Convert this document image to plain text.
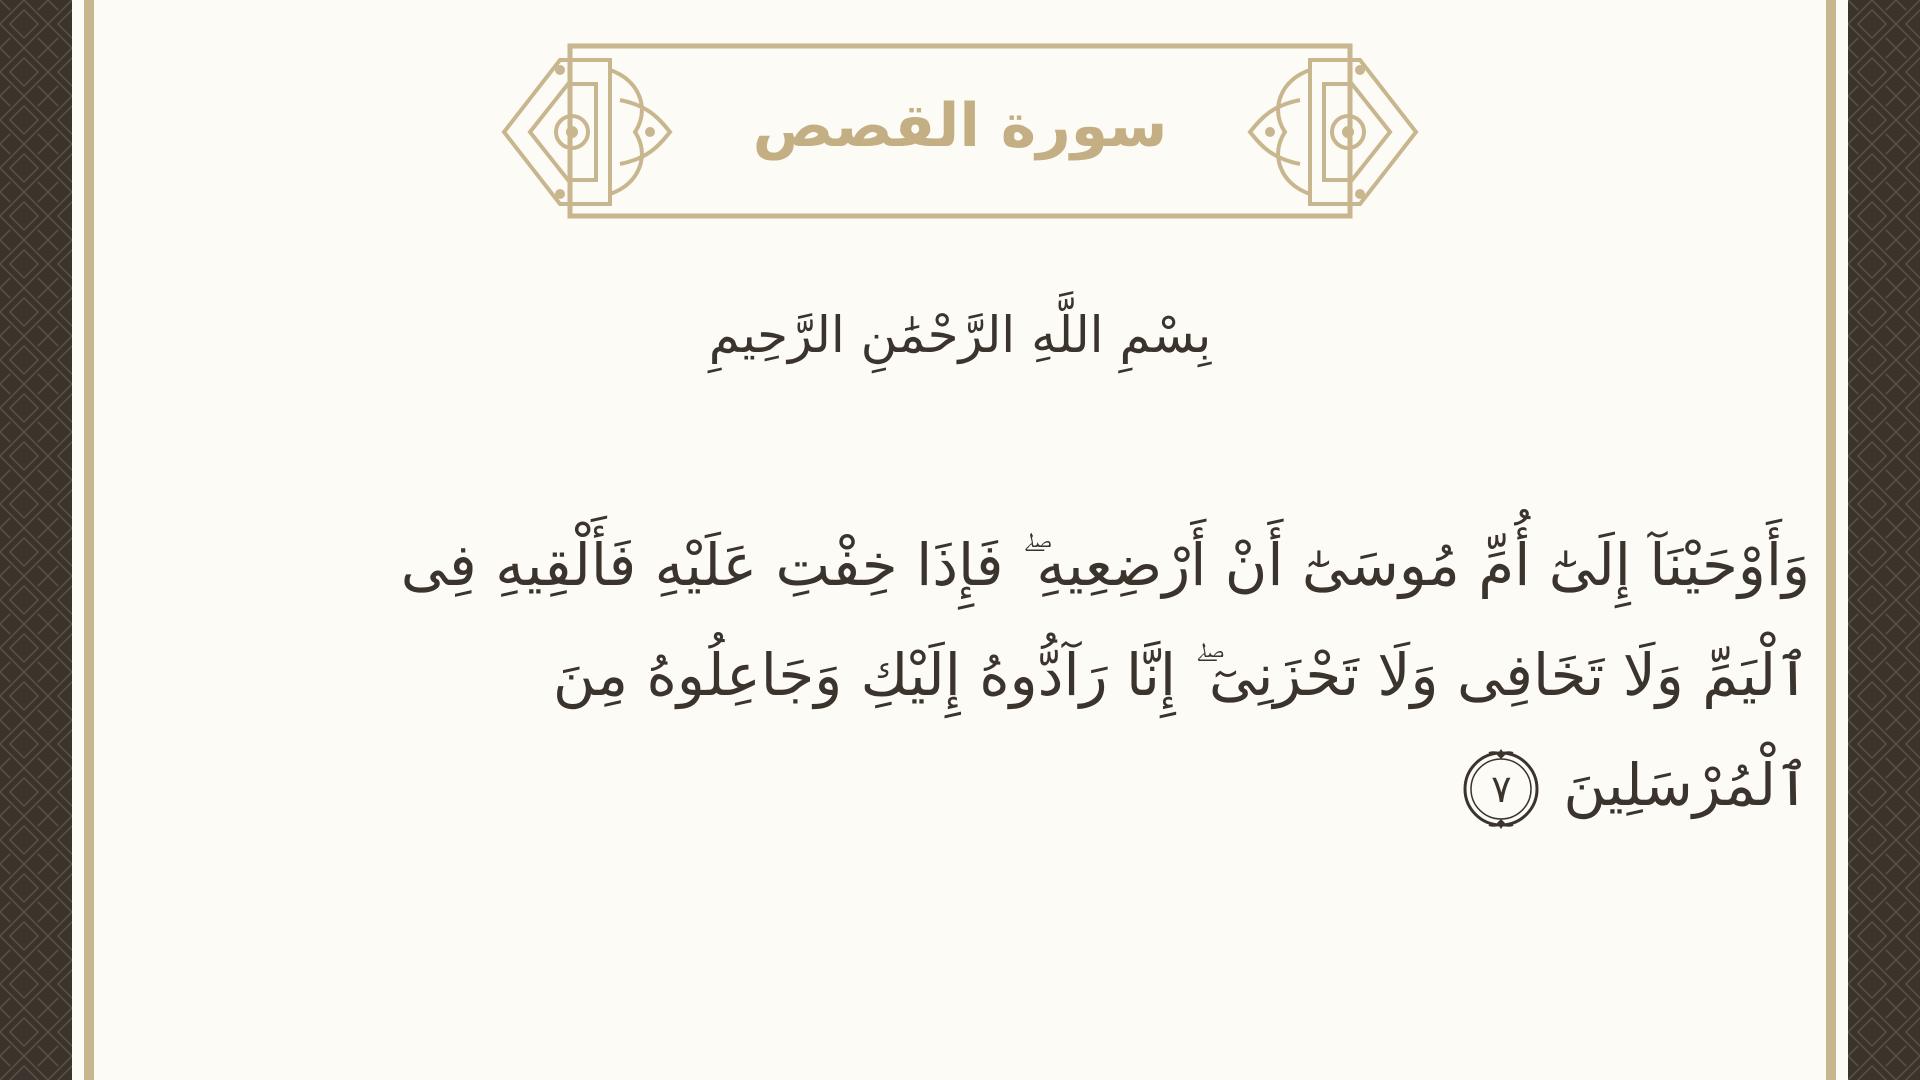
سورة القصص

بِسْمِ اللَّهِ الرَّحْمَٰنِ الرَّحِيمِ

وَأَوْحَيْنَآ إِلَىٰٓ أُمِّ مُوسَىٰٓ أَنْ أَرْضِعِيهِ ۖ فَإِذَا خِفْتِ عَلَيْهِ فَأَلْقِيهِ فِى ٱلْيَمِّ وَلَا تَخَافِى وَلَا تَحْزَنِىٓ ۖ إِنَّا رَآدُّوهُ إِلَيْكِ وَجَاعِلُوهُ مِنَ ٱلْمُرْسَلِينَ
٧
